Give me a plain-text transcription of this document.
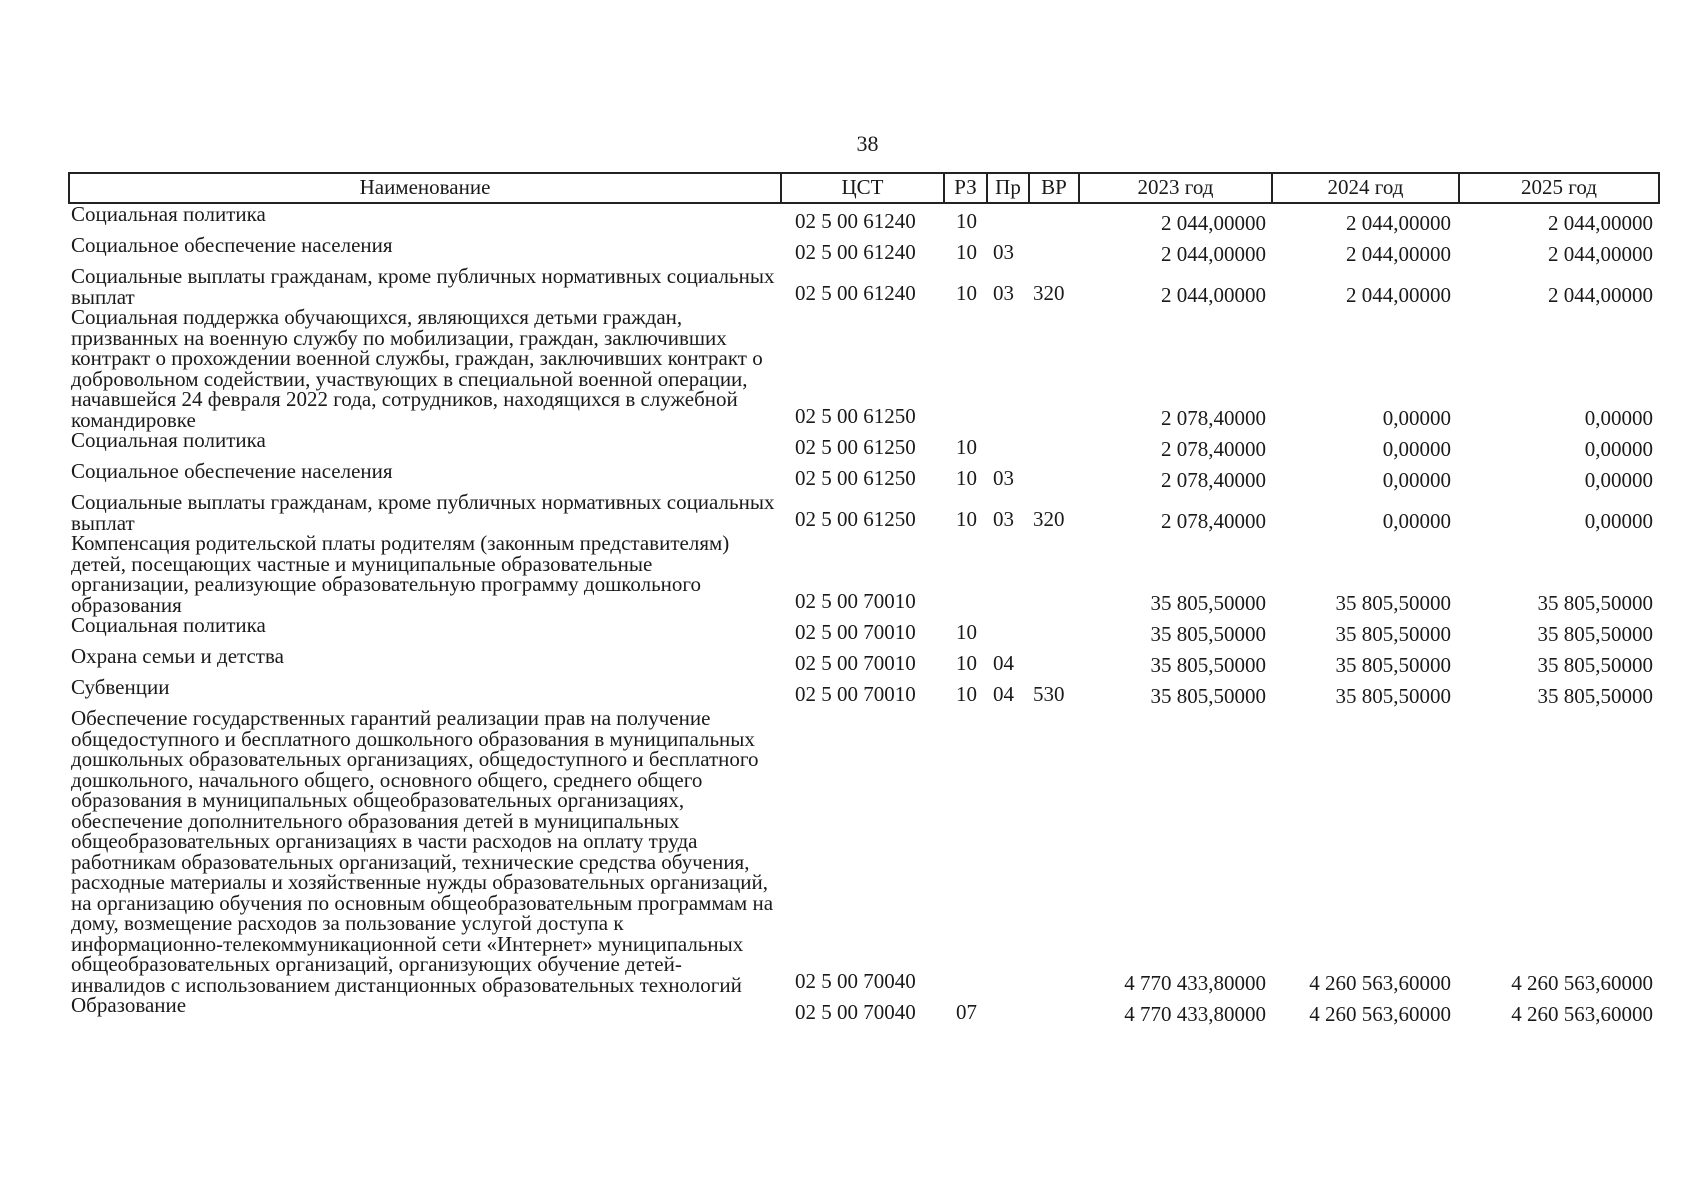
38
Наименование	ЦСТ	РЗ	Пр	ВР	2023 год	2024 год	2025 год
Социальная политика	02 5 00 61240	10			2 044,00000	2 044,00000	2 044,00000
Социальное обеспечение населения	02 5 00 61240	10	03		2 044,00000	2 044,00000	2 044,00000
Социальные выплаты гражданам, кроме публичных нормативных социальных выплат	02 5 00 61240	10	03	320	2 044,00000	2 044,00000	2 044,00000
Социальная поддержка обучающихся, являющихся детьми граждан, призванных на военную службу по мобилизации, граждан, заключивших контракт о прохождении военной службы, граждан, заключивших контракт о добровольном содействии, участвующих в специальной военной операции, начавшейся 24 февраля 2022 года, сотрудников, находящихся в служебной командировке	02 5 00 61250				2 078,40000	0,00000	0,00000
Социальная политика	02 5 00 61250	10			2 078,40000	0,00000	0,00000
Социальное обеспечение населения	02 5 00 61250	10	03		2 078,40000	0,00000	0,00000
Социальные выплаты гражданам, кроме публичных нормативных социальных выплат	02 5 00 61250	10	03	320	2 078,40000	0,00000	0,00000
Компенсация родительской платы родителям (законным представителям) детей, посещающих частные и муниципальные образовательные организации, реализующие образовательную программу дошкольного образования	02 5 00 70010				35 805,50000	35 805,50000	35 805,50000
Социальная политика	02 5 00 70010	10			35 805,50000	35 805,50000	35 805,50000
Охрана семьи и детства	02 5 00 70010	10	04		35 805,50000	35 805,50000	35 805,50000
Субвенции	02 5 00 70010	10	04	530	35 805,50000	35 805,50000	35 805,50000
Обеспечение государственных гарантий реализации прав на получение общедоступного и бесплатного дошкольного образования в муниципальных дошкольных образовательных организациях, общедоступного и бесплатного дошкольного, начального общего, основного общего, среднего общего образования в муниципальных общеобразовательных организациях, обеспечение дополнительного образования детей в муниципальных общеобразовательных организациях в части расходов на оплату труда работникам образовательных организаций, технические средства обучения, расходные материалы и хозяйственные нужды образовательных организаций, на организацию обучения по основным общеобразовательным программам на дому, возмещение расходов за пользование услугой доступа к информационно-телекоммуникационной сети «Интернет» муниципальных общеобразовательных организаций, организующих обучение детей-инвалидов с использованием дистанционных образовательных технологий	02 5 00 70040				4 770 433,80000	4 260 563,60000	4 260 563,60000
Образование	02 5 00 70040	07			4 770 433,80000	4 260 563,60000	4 260 563,60000
